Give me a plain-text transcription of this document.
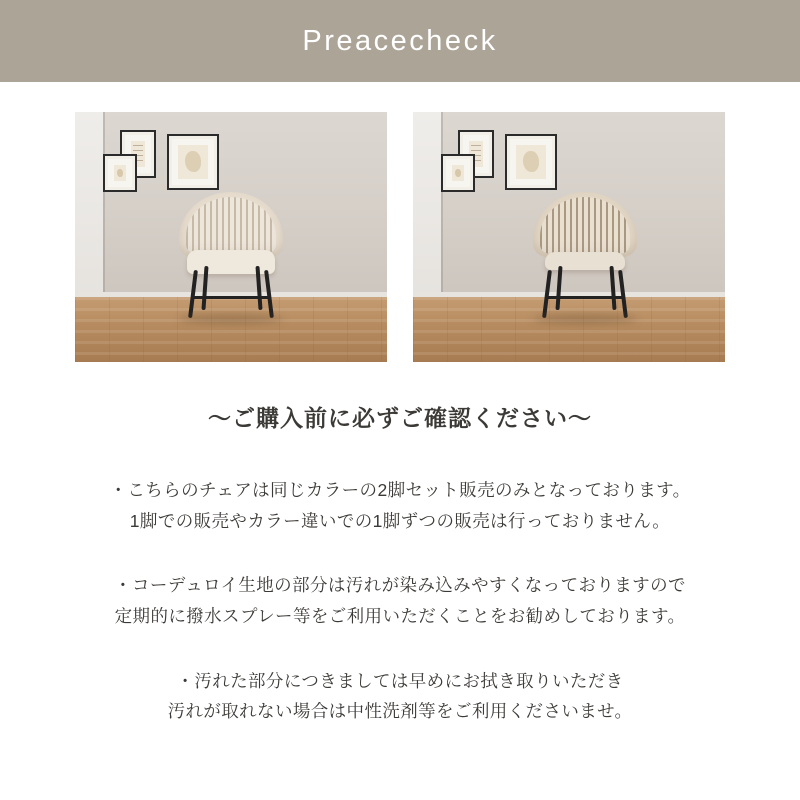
Preacecheck
〜ご購入前に必ずご確認ください〜
・こちらのチェアは同じカラーの2脚セット販売のみとなっております。
1脚での販売やカラー違いでの1脚ずつの販売は行っておりません。
・コーデュロイ生地の部分は汚れが染み込みやすくなっておりますので
定期的に撥水スプレー等をご利用いただくことをお勧めしております。
・汚れた部分につきましては早めにお拭き取りいただき
汚れが取れない場合は中性洗剤等をご利用くださいませ。
